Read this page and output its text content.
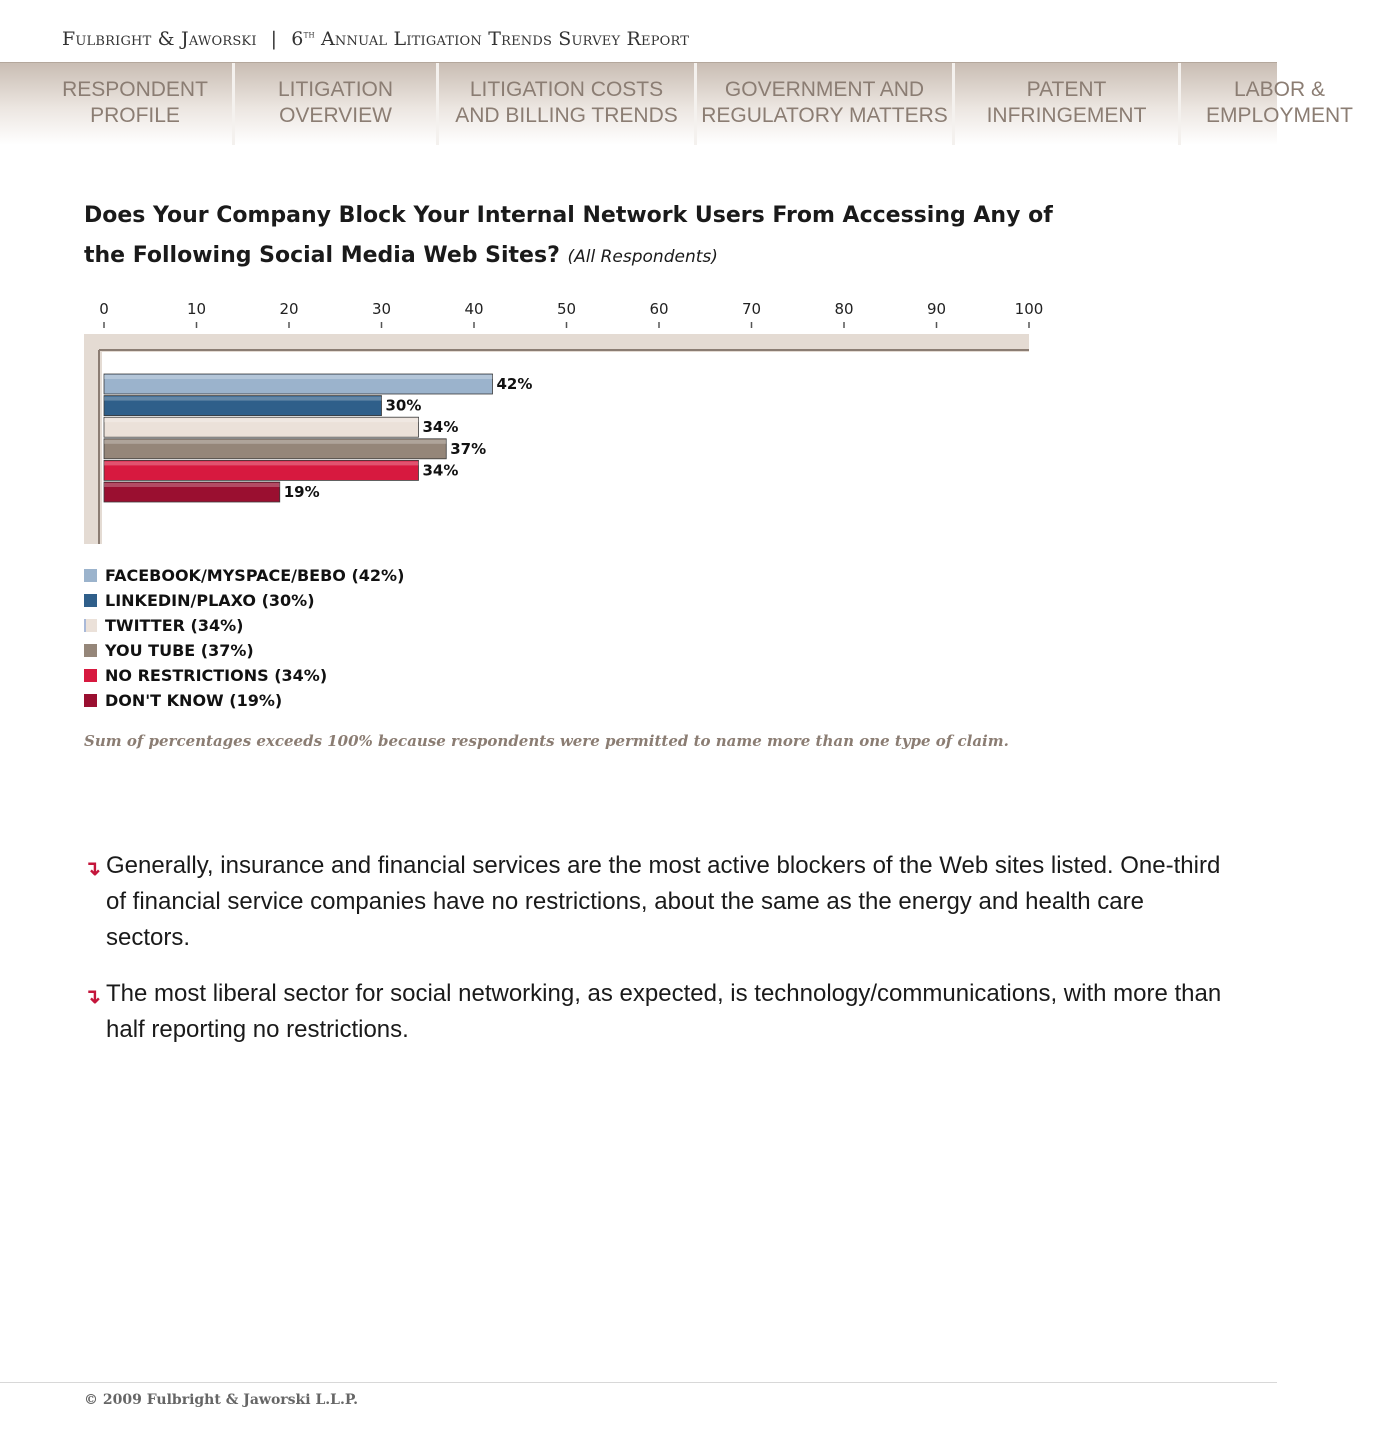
Fulbright & Jaworski | 6th Annual Litigation Trends Survey Report
RESPONDENT
PROFILE
LITIGATION
OVERVIEW
LITIGATION COSTS
AND BILLING TRENDS
GOVERNMENT AND
REGULATORY MATTERS
PATENT
INFRINGEMENT
LABOR &
EMPLOYMENT
Does Your Company Block Your Internal Network Users From Accessing Any of the Following Social Media Web Sites? (All Respondents)
0	10	20	30	40	50	60	70	80	90	100
42%
30%
34%
37%
34%
19%
FACEBOOK/MYSPACE/BEBO (42%)
LINKEDIN/PLAXO (30%)
TWITTER (34%)
YOU TUBE (37%)
NO RESTRICTIONS (34%)
DON'T KNOW (19%)
Sum of percentages exceeds 100% because respondents were permitted to name more than one type of claim.
↴ Generally, insurance and financial services are the most active blockers of the Web sites listed. One-third of financial service companies have no restrictions, about the same as the energy and health care sectors.
↴ The most liberal sector for social networking, as expected, is technology/communications, with more than half reporting no restrictions.
© 2009 Fulbright & Jaworski L.L.P.
